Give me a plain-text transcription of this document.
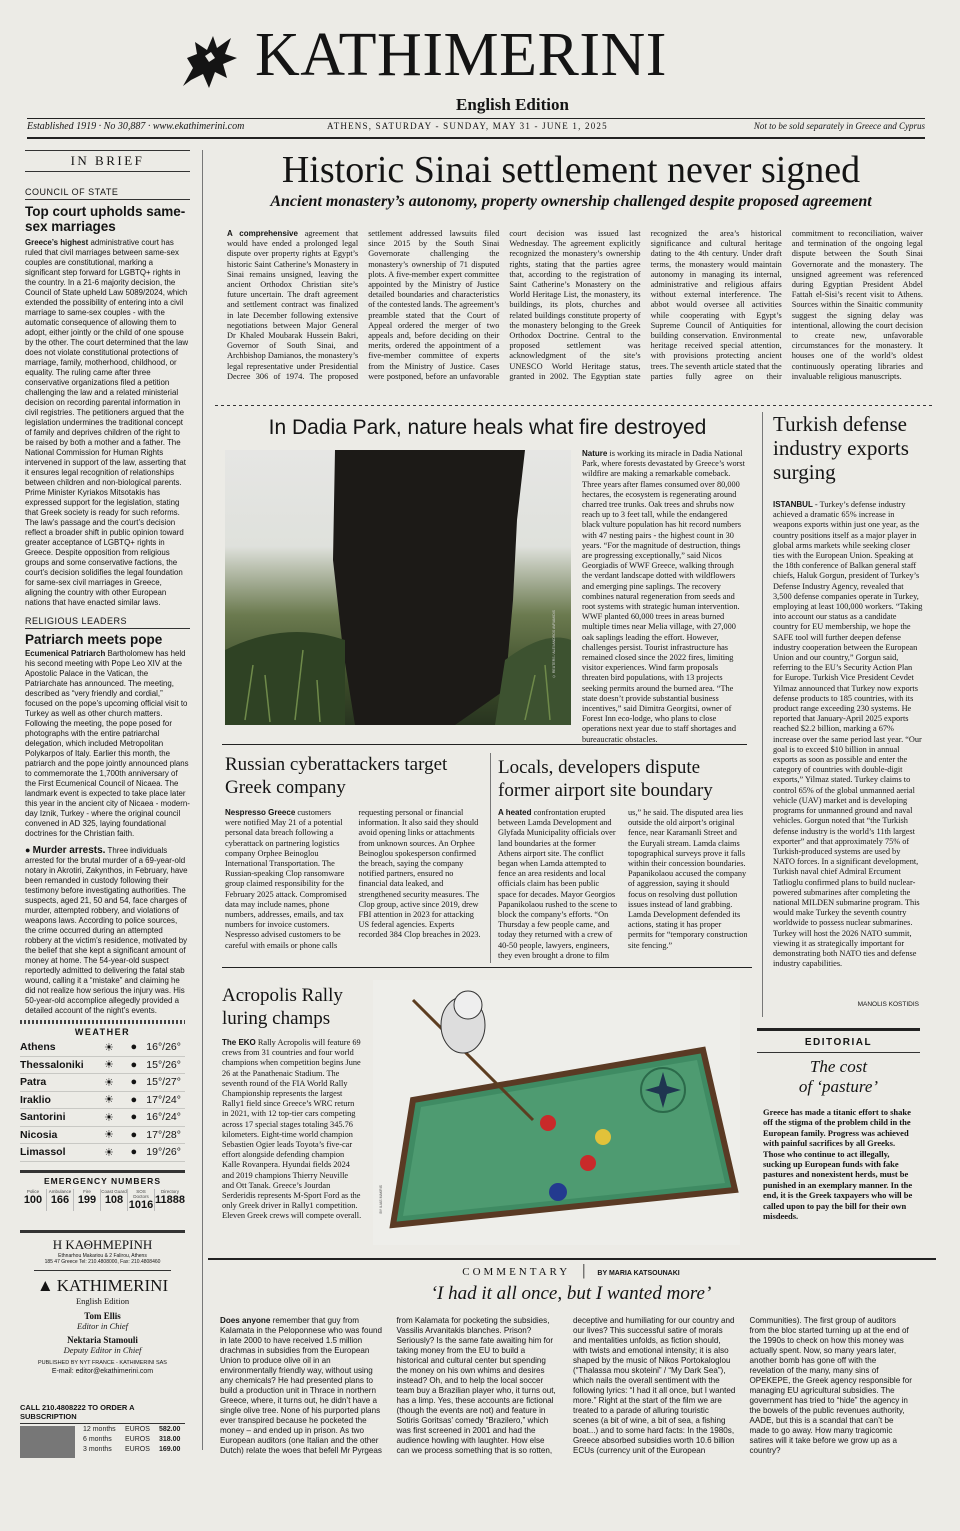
KATHIMERINI
English Edition
Established 1919 · No 30,887 · www.ekathimerini.com	ATHENS, SATURDAY - SUNDAY, MAY 31 - JUNE 1, 2025	Not to be sold separately in Greece and Cyprus
IN BRIEF
COUNCIL OF STATE
Top court upholds same-sex marriages

Greece’s highest administrative court has ruled that civil marriages between same-sex couples are constitutional, marking a significant step forward for LGBTQ+ rights in the country. In a 21-6 majority decision, the Council of State upheld Law 5089/2024, which extended the possibility of entering into a civil marriage to same-sex couples - with the automatic consequence of allowing them to adopt, either jointly or the child of one spouse by the other. The court determined that the law does not violate constitutional protections of marriage, family, motherhood, childhood, or equality. The ruling came after three conservative organizations filed a petition challenging the law and a related ministerial decision on recording parental information in civil registries. The petitioners argued that the legislation undermines the traditional concept of family and deprives children of the right to be raised by both a mother and a father. The National Commission for Human Rights intervened in support of the law, asserting that it ensures legal recognition of relationships between children and non-biological parents. Prime Minister Kyriakos Mitsotakis has expressed support for the legislation, stating that Greek society is ready for such reforms. The law’s passage and the court’s decision reflect a broader shift in public opinion toward greater acceptance of LGBTQ+ rights in Greece. Despite opposition from religious groups and some conservative factions, the court’s decision solidifies the legal foundation for same-sex civil marriages in Greece, aligning the country with other European nations that have enacted similar laws.

RELIGIOUS LEADERS
Patriarch meets pope

Ecumenical Patriarch Bartholomew has held his second meeting with Pope Leo XIV at the Apostolic Palace in the Vatican, the Patriarchate has announced. The meeting, described as “very friendly and cordial,” focused on the pope’s upcoming official visit to Turkey as well as other church matters. Following the meeting, the pope posed for photographs with the entire patriarchal delegation, which included Metropolitan Polykarpos of Italy. Earlier this month, the patriarch and the pope jointly announced plans to commemorate the 1,700th anniversary of the First Ecumenical Council of Nicaea. The landmark event is expected to take place later this year in the ancient city of Nicaea - modern-day Iznik, Turkey - where the original council convened in AD 325, laying foundational doctrines for the Christian faith.

● Murder arrests. Three individuals arrested for the brutal murder of a 69-year-old notary in Akrotiri, Zakynthos, in February, have been remanded in custody following their testimony before investigating authorities. The suspects, aged 21, 50 and 54, face charges of murder, attempted robbery, and violations of weapons laws. According to police sources, the crime occurred during an attempted robbery at the victim’s residence, motivated by the belief that she kept a significant amount of money at home. The 54-year-old suspect reportedly admitted to delivering the fatal stab wound, calling it a “mistake” and claiming he did not realize how serious the injury was. His 50-year-old accomplice allegedly provided a detailed account of the night’s events.

WEATHER
Athens	☀	● 16°/26°
Thessaloniki	☀	● 15°/26°
Patra	☀	● 15°/27°
Iraklio	☀	● 17°/24°
Santorini	☀	● 16°/24°
Nicosia	☀	● 17°/28°
Limassol	☀	● 19°/26°
EMERGENCY NUMBERS
Police
100
Ambulance
166
Fire
199
Coast Guard
108
SOS Doctors
1016
Directory
11888
Η ΚΑΘΗΜΕΡΙΝΗ
Ethnarhou Makariou & 2 Falirou, Athens
185 47 Greece Tel: 210.4808000, Fax: 210.4808460
▲ KATHIMERINI
English Edition
Tom Ellis
Editor in Chief
Nektaria Stamouli
Deputy Editor in Chief
PUBLISHED BY NYT FRANCE - KATHIMERINI SAS
E-mail: editor@ekathimerini.com
CALL 210.4808222 TO ORDER A SUBSCRIPTION
12 months	EUROS	582.00
6 months	EUROS	318.00
3 months	EUROS	169.00
Historic Sinai settlement never signed
Ancient monastery’s autonomy, property ownership challenged despite proposed agreement
A comprehensive agreement that would have ended a prolonged legal dispute over property rights at Egypt’s historic Saint Catherine’s Monastery in Sinai remains unsigned, leaving the ancient Orthodox Christian site’s future uncertain. The draft agreement and settlement contract was finalized in late December following extensive negotiations between Major General Dr Khaled Moubarak Hussein Bakri, Governor of South Sinai, and Archbishop Damianos, the monastery’s legal representative under Presidential Decree 306 of 1974. The proposed settlement addressed lawsuits filed since 2015 by the South Sinai Governorate challenging the monastery’s ownership of 71 disputed plots. A five-member expert committee appointed by the Ministry of Justice detailed boundaries and characteristics of the contested lands. The agreement’s preamble stated that the Court of Appeal ordered the merger of two appeals and, before deciding on their merits, ordered the appointment of a five-member committee of experts from the Ministry of Justice. Cases were postponed, before an unfavorable court decision was issued last Wednesday. The agreement explicitly recognized the monastery’s ownership rights, stating that the parties agree that, according to the registration of Saint Catherine’s Monastery on the World Heritage List, the monastery, its buildings, its plots, churches and related buildings constitute property of the monastery belonging to the Greek Orthodox Doctrine. Central to the proposed settlement was acknowledgment of the site’s UNESCO World Heritage status, granted in 2002. The Egyptian state recognized the area’s historical significance and cultural heritage dating to the 4th century. Under draft terms, the monastery would maintain autonomy in managing its internal, administrative and religious affairs without external interference. The abbot would oversee all activities while cooperating with Egypt’s Supreme Council of Antiquities for building conservation. Environmental heritage received special attention, with provisions protecting ancient trees. The seventh article stated that the parties fully agree on their commitment to reconciliation, waiver and termination of the ongoing legal dispute between the South Sinai Governorate and the monastery. The unsigned agreement was referenced during Egyptian President Abdel Fattah el-Sisi’s recent visit to Athens. Sources within the Sinaitic community suggest the signing delay was intentional, allowing the court decision to create new, unfavorable circumstances for the monastery. It houses one of the world’s oldest continuously operating libraries and invaluable religious manuscripts.
In Dadia Park, nature heals what fire destroyed
© REUTERS / ALEXANDROS AVRAMIDIS
Nature is working its miracle in Dadia National Park, where forests devastated by Greece’s worst wildfire are making a remarkable comeback. Three years after flames consumed over 80,000 hectares, the ecosystem is regenerating around charred tree trunks. Oak trees and shrubs now reach up to 3 feet tall, while the endangered black vulture population has hit record numbers with 47 nesting pairs - the highest count in 30 years. “For the magnitude of destruction, things are progressing exceptionally,” said Nicos Georgiadis of WWF Greece, walking through the verdant landscape dotted with wildflowers and emerging pine saplings. The recovery combines natural regeneration from seeds and root systems with strategic human intervention. WWF planted 60,000 trees in areas burned multiple times near Melia village, with 27,000 oak saplings leading the effort. However, challenges persist. Tourist infrastructure has remained closed since the 2022 fires, limiting visitor experiences. Wind farm proposals threaten bird populations, with 13 projects seeking permits around the burned area. “The state doesn’t provide substantial business incentives,” said Dimitra Georgitsi, owner of Forest Inn eco-lodge, who plans to close operations next year due to staff shortages and bureaucratic obstacles.
Turkish defense industry exports surging
ISTANBUL - Turkey’s defense industry achieved a dramatic 65% increase in weapons exports within just one year, as the country positions itself as a major player in global arms markets while seeking closer ties with the European Union. Speaking at the 18th conference of Balkan general staff chiefs, Haluk Gorgun, president of Turkey’s Defense Industry Agency, revealed that 3,500 defense companies operate in Turkey, employing at least 100,000 workers. “Taking into account our status as a candidate country for EU membership, we hope the SAFE tool will further deepen defense industry cooperation between the European Union and our country,” Gorgun said, referring to the EU’s Security Action Plan for Europe. Turkish Vice President Cevdet Yilmaz announced that Turkey now exports defense products to 185 countries, with its product range exceeding 230 systems. He reported that January-April 2025 exports reached $2.2 billion, marking a 67% increase over the same period last year. “Our goal is to exceed $10 billion in annual exports as soon as possible and enter the category of countries with double-digit exports,” Yilmaz stated. Turkey claims to control 65% of the global unmanned aerial vehicle (UAV) market and is developing programs for unmanned ground and naval vehicles. Gorgun noted that “the Turkish defense industry is the world’s 11th largest exporter” and that approximately 75% of Turkish-produced systems are used by NATO forces. In a significant development, Turkish naval chief Admiral Ercument Tatlioglu confirmed plans to build nuclear-powered submarines after completing the national MILDEN submarine program. This would make Turkey the seventh country worldwide to possess nuclear submarines. Turkey will host the 2026 NATO summit, viewing it as strategically important for demonstrating both NATO ties and defense industry capabilities.
MANOLIS KOSTIDIS
Russian cyberattackers target Greek company
Nespresso Greece customers were notified May 21 of a potential personal data breach following a cyberattack on partnering logistics company Orphee Beinoglou International Transportation. The Russian-speaking Clop ransomware group claimed responsibility for the February 2025 attack. Compromised data may include names, phone numbers, addresses, emails, and tax numbers for invoice customers. Nespresso advised customers to be careful with emails or phone calls requesting personal or financial information. It also said they should avoid opening links or attachments from unknown sources. An Orphee Beinoglou spokesperson confirmed the breach, saying the company notified partners, ensured no financial data leaked, and strengthened security measures. The Clop group, active since 2019, drew FBI attention in 2023 for attacking US federal agencies. Experts recorded 384 Clop breaches in 2023.
Locals, developers dispute former airport site boundary
A heated confrontation erupted between Lamda Development and Glyfada Municipality officials over land boundaries at the former Athens airport site. The conflict began when Lamda attempted to fence an area residents and local officials claim has been public space for decades. Mayor Georgios Papanikolaou rushed to the scene to block the company’s efforts. “On Thursday a few people came, and today they returned with a crew of 40-50 people, lawyers, engineers, they even brought a drone to film us,” he said. The disputed area lies outside the old airport’s original fence, near Karamanli Street and the Euryali stream. Lamda claims topographical surveys prove it falls within their concession boundaries. Papanikolaou accused the company of aggression, saying it should focus on resolving dust pollution issues instead of land grabbing. Lamda Development defended its actions, stating it has proper permits for “temporary construction site fencing.”
Acropolis Rally luring champs
The EKO Rally Acropolis will feature 69 crews from 31 countries and four world champions when competition begins June 26 at the Panathenaic Stadium. The seventh round of the FIA World Rally Championship represents the largest Rally1 field since Greece’s WRC return in 2021, with 12 top-tier cars competing across 17 special stages totaling 345.76 kilometers. Eight-time world champion Sebastien Ogier leads Toyota’s five-car effort alongside defending champion Kalle Rovanpera. Hyundai fields 2024 and 2019 champions Thierry Neuville and Ott Tanak. Greece’s Jourdan Serderidis represents M-Sport Ford as the only Greek driver in Rally1 competition. Eleven Greek crews will compete overall.
BY ILIAS MAKRIS
EDITORIAL
The cost
of ‘pasture’

Greece has made a titanic effort to shake off the stigma of the problem child in the European family. Progress was achieved with painful sacrifices by all Greeks. Those who continue to act illegally, sucking up European funds with fake pastures and nonexistent herds, must be punished in an exemplary manner. In the end, it is the Greek taxpayers who will be called upon to pay the bill for their own misdeeds.

COMMENTARY | BY MARIA KATSOUNAKI
‘I had it all once, but I wanted more’
Does anyone remember that guy from Kalamata in the Peloponnese who was found in late 2000 to have received 1.5 million drachmas in subsidies from the European Union to produce olive oil in an environmentally friendly way, without using any chemicals? He had presented plans to build a production unit in Thrace in northern Greece, where, it turns out, he didn’t have a single olive tree. None of his purported plans ever transpired because he pocketed the money – and ended up in prison. As two European auditors (one Italian and the other Dutch) relate the woes that befell Mr Pyrgeas from Kalamata for pocketing the subsidies, Vassilis Arvanitakis blanches. Prison? Seriously? Is the same fate awaiting him for taking money from the EU to build a historical and cultural center but spending the money on his own whims and desires instead? Oh, and to help the local soccer team buy a Brazilian player who, it turns out, has a limp. Yes, these accounts are fictional (though the events are not) and feature in Sotiris Goritsas’ comedy “Brazilero,” which was first screened in 2001 and had the audience howling with laughter. How else can we process something that is so rotten, deceptive and humiliating for our country and our lives? This successful satire of morals and mentalities unfolds, as fiction should, with twists and emotional intensity; it is also shaped by the music of Nikos Portokaloglou (“Thalassa mou skoteini” / “My Dark Sea”), which nails the overall sentiment with the following lyrics: “I had it all once, but I wanted more.” Right at the start of the film we are treated to a parade of alluring touristic scenes (a bit of wine, a bit of sea, a fishing boat...) and to some hard facts: In the 1980s, Greece absorbed subsidies worth 10.6 billion ECUs (currency unit of the European Communities). The first group of auditors from the bloc started turning up at the end of the 1990s to check on how this money was actually spent. Now, so many years later, another bomb has gone off with the revelation of the many, many sins of OPEKEPE, the Greek agency responsible for managing EU agricultural subsidies. The government has tried to “hide” the agency in the bowels of the public revenues authority, AADE, but this is a scandal that can’t be made to go away. How many tragicomic satires will it take before we grow up as a country?
